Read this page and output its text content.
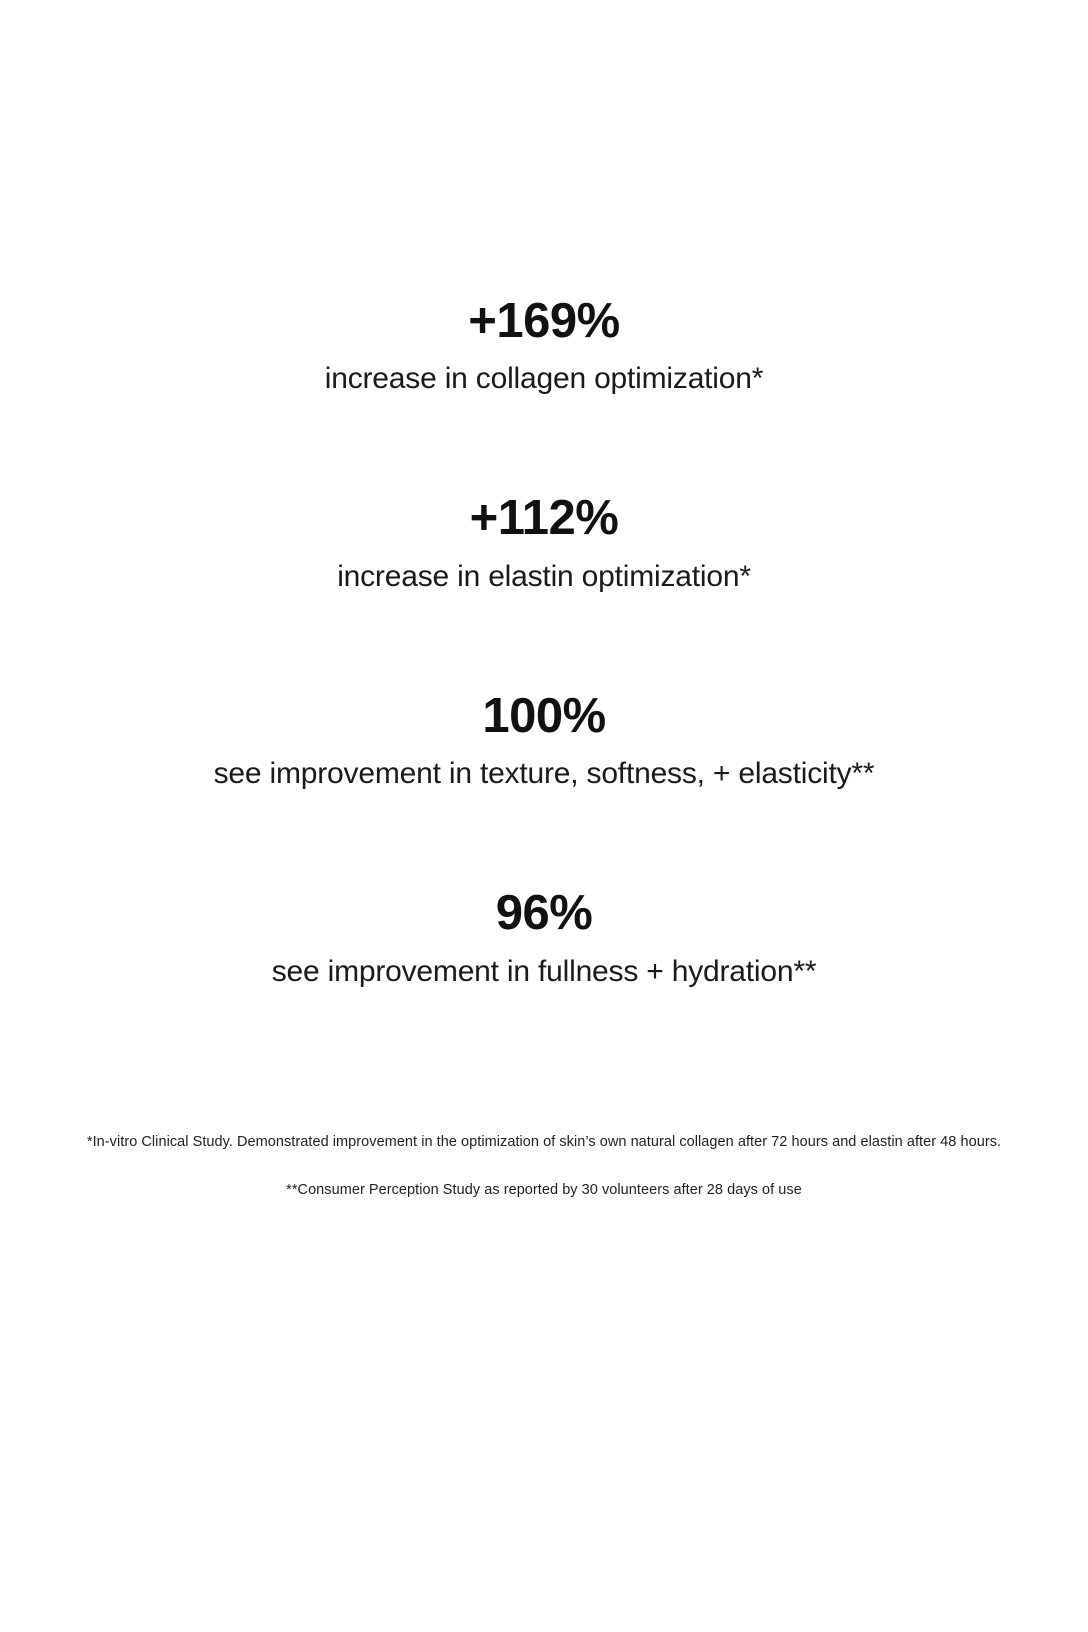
+169%
increase in collagen optimization*
+112%
increase in elastin optimization*
100%
see improvement in texture, softness, + elasticity**
96%
see improvement in fullness + hydration**

*In-vitro Clinical Study. Demonstrated improvement in the optimization of skin’s own natural collagen after 72 hours and elastin after 48 hours.

**Consumer Perception Study as reported by 30 volunteers after 28 days of use
